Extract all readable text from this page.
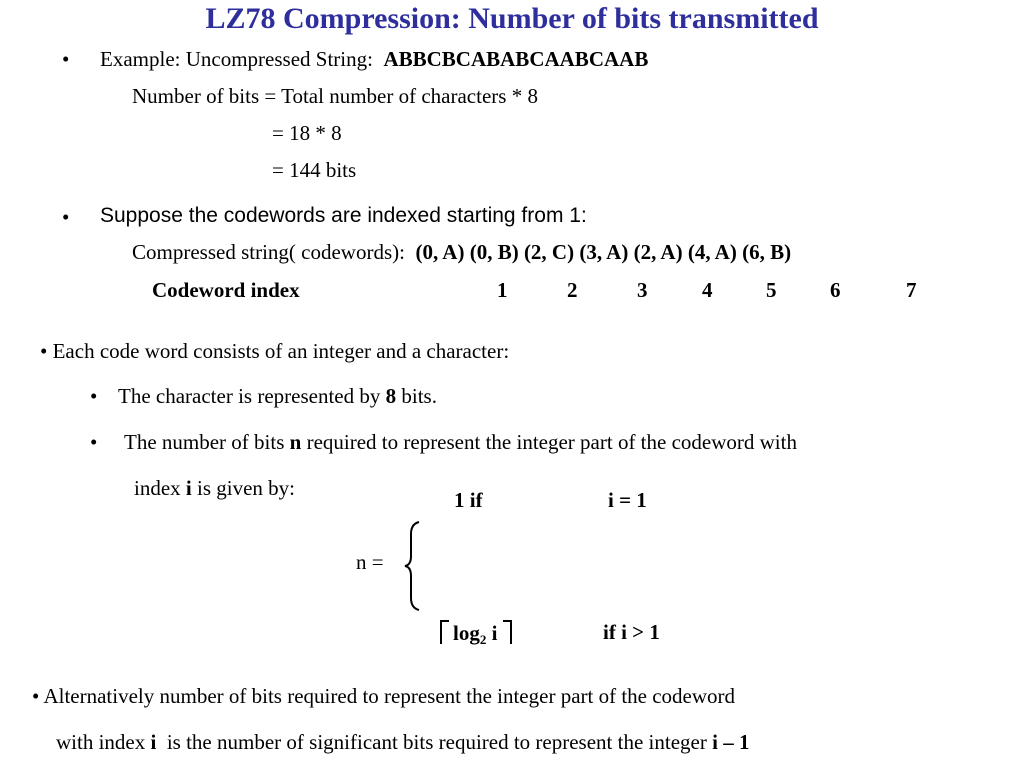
LZ78 Compression: Number of bits transmitted
• Example: Uncompressed String: ABBCBCABABCAABCAAB
Number of bits = Total number of characters * 8
= 18 * 8
= 144 bits
• Suppose the codewords are indexed starting from 1:
Compressed string( codewords): (0, A) (0, B) (2, C) (3, A) (2, A) (4, A) (6, B)
Codeword index	1	2	3	4	5	6	7
• Each code word consists of an integer and a character:
• The character is represented by 8 bits.
• The number of bits n required to represent the integer part of the codeword with
index i is given by:
n =
1 if	i = 1
$\log_2 i$	if i > 1
• Alternatively number of bits required to represent the integer part of the codeword
with index i is the number of significant bits required to represent the integer i – 1
